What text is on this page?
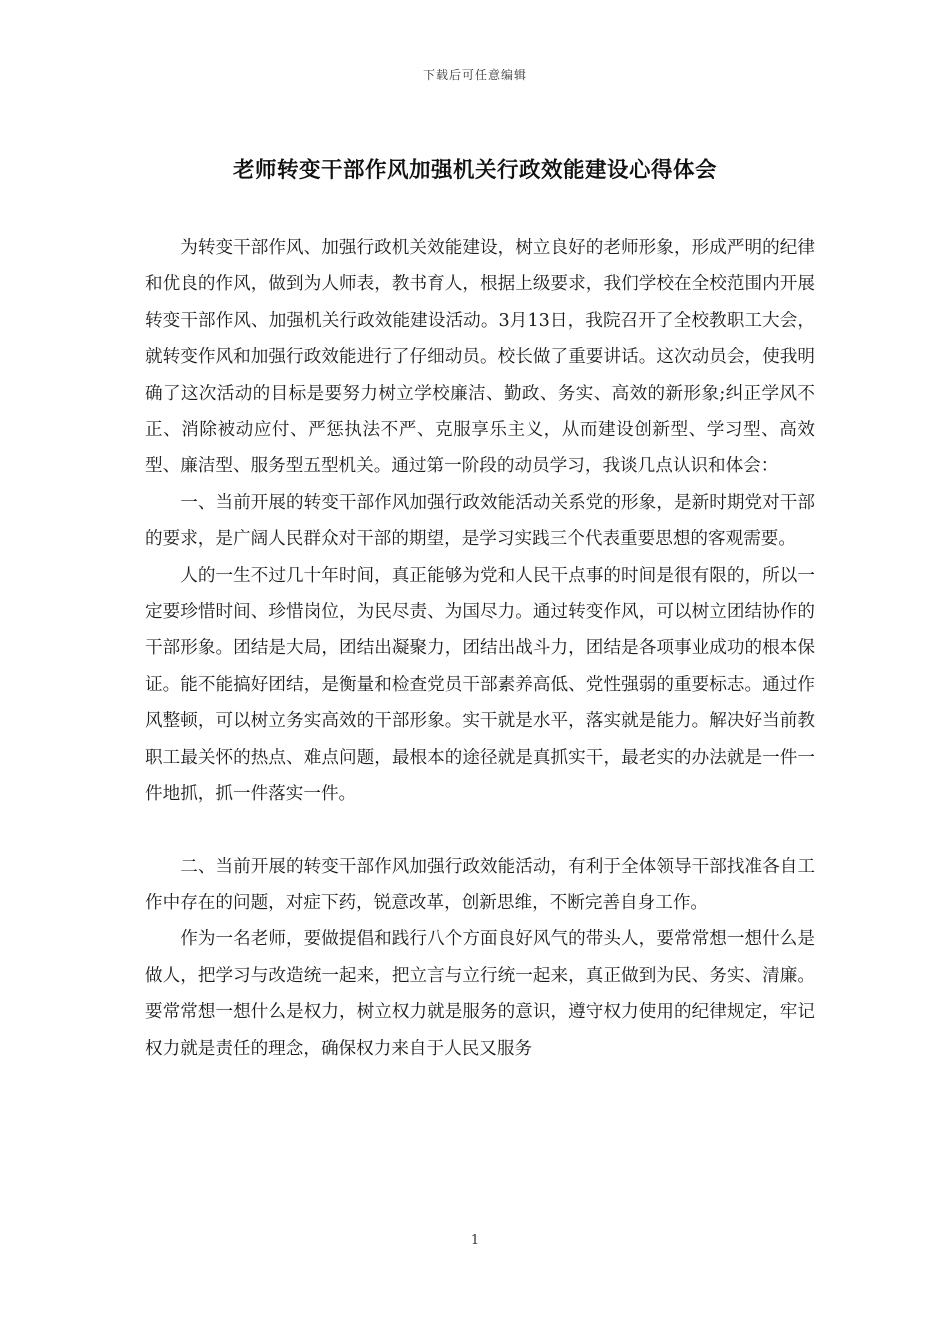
下载后可任意编辑
老师转变干部作风加强机关行政效能建设心得体会

为转变干部作风、加强行政机关效能建设，树立良好的老师形象，形成严明的纪律和优良的作风，做到为人师表，教书育人，根据上级要求，我们学校在全校范围内开展转变干部作风、加强机关行政效能建设活动。3月13日，我院召开了全校教职工大会，就转变作风和加强行政效能进行了仔细动员。校长做了重要讲话。这次动员会，使我明确了这次活动的目标是要努力树立学校廉洁、勤政、务实、高效的新形象;纠正学风不正、消除被动应付、严惩执法不严、克服享乐主义，从而建设创新型、学习型、高效型、廉洁型、服务型五型机关。通过第一阶段的动员学习，我谈几点认识和体会：

一、当前开展的转变干部作风加强行政效能活动关系党的形象，是新时期党对干部的要求，是广阔人民群众对干部的期望，是学习实践三个代表重要思想的客观需要。

人的一生不过几十年时间，真正能够为党和人民干点事的时间是很有限的，所以一定要珍惜时间、珍惜岗位，为民尽责、为国尽力。通过转变作风，可以树立团结协作的干部形象。团结是大局，团结出凝聚力，团结出战斗力，团结是各项事业成功的根本保证。能不能搞好团结，是衡量和检查党员干部素养高低、党性强弱的重要标志。通过作风整顿，可以树立务实高效的干部形象。实干就是水平，落实就是能力。解决好当前教职工最关怀的热点、难点问题，最根本的途径就是真抓实干，最老实的办法就是一件一件地抓，抓一件落实一件。

二、当前开展的转变干部作风加强行政效能活动，有利于全体领导干部找准各自工作中存在的问题，对症下药，锐意改革，创新思维，不断完善自身工作。

作为一名老师，要做提倡和践行八个方面良好风气的带头人，要常常想一想什么是做人，把学习与改造统一起来，把立言与立行统一起来，真正做到为民、务实、清廉。要常常想一想什么是权力，树立权力就是服务的意识，遵守权力使用的纪律规定，牢记权力就是责任的理念，确保权力来自于人民又服务

1
